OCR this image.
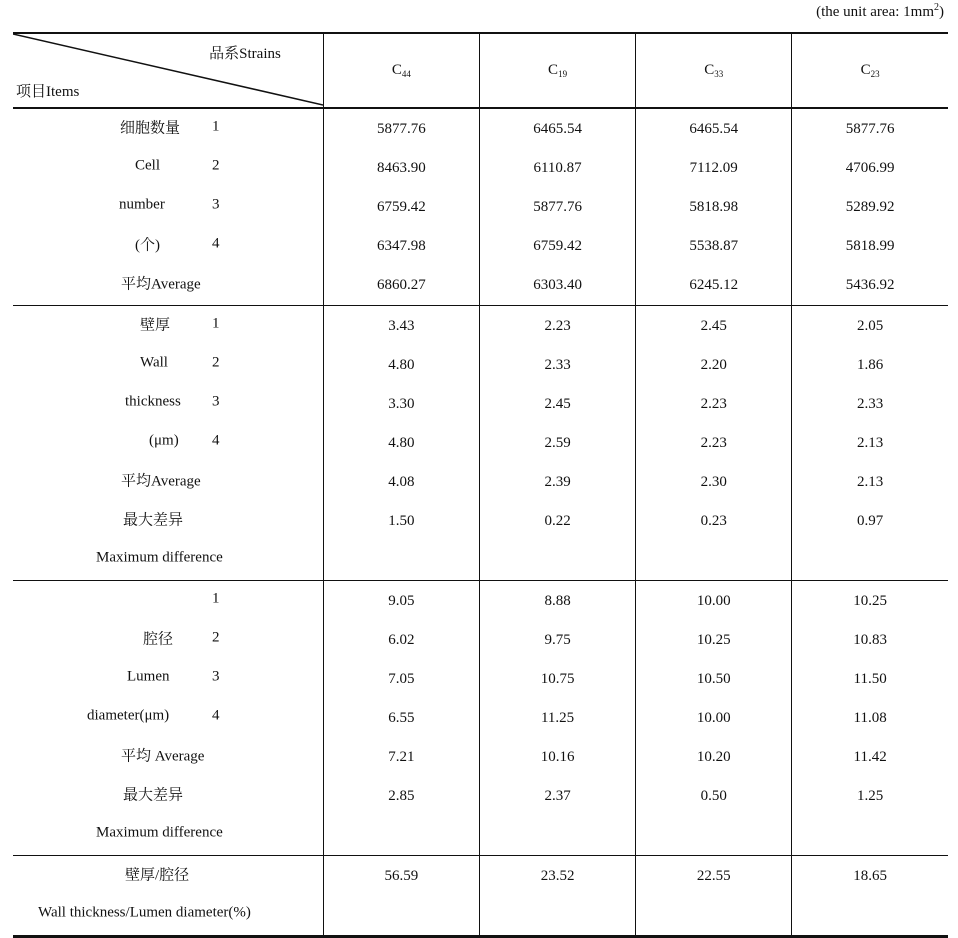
(the unit area: $1mm^2$)
品系Strains
项目Items	$C_{44}$	$C_{19}$	$C_{33}$	$C_{23}$

细胞数量 1	5877.76	6465.54	6465.54	5877.76

Cell 2	8463.90	6110.87	7112.09	4706.99

number 3	6759.42	5877.76	5818.98	5289.92

(个) 4	6347.98	6759.42	5538.87	5818.99

平均Average	6860.27	6303.40	6245.12	5436.92

壁厚 1	3.43	2.23	2.45	2.05

Wall 2	4.80	2.33	2.20	1.86

thickness 3	3.30	2.45	2.23	2.33

(μm) 4	4.80	2.59	2.23	2.13

平均Average	4.08	2.39	2.30	2.13

最大差异	1.50	0.22	0.23	0.97

Maximum difference				

1	9.05	8.88	10.00	10.25

腔径 2	6.02	9.75	10.25	10.83

Lumen 3	7.05	10.75	10.50	11.50

diameter(μm) 4	6.55	11.25	10.00	11.08

平均 Average	7.21	10.16	10.20	11.42

最大差异	2.85	2.37	0.50	1.25

Maximum difference				

壁厚/腔径	56.59	23.52	22.55	18.65

Wall thickness/Lumen diameter(%)				
